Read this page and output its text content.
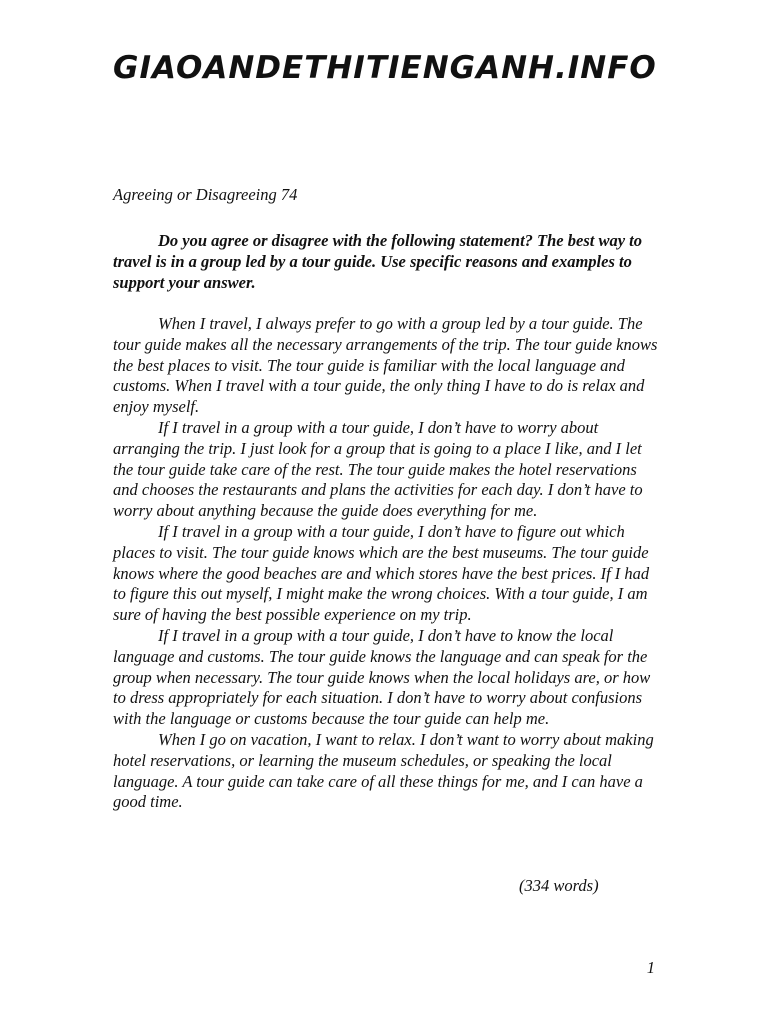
GIAOANDETHITIENGANH.INFO

Agreeing or Disagreeing 74

Do you agree or disagree with the following statement? The best way to travel is in a group led by a tour guide. Use specific reasons and examples to support your answer.

When I travel, I always prefer to go with a group led by a tour guide. The tour guide makes all the necessary arrangements of the trip. The tour guide knows the best places to visit. The tour guide is familiar with the local language and customs. When I travel with a tour guide, the only thing I have to do is relax and enjoy myself.

If I travel in a group with a tour guide, I don’t have to worry about arranging the trip. I just look for a group that is going to a place I like, and I let the tour guide take care of the rest. The tour guide makes the hotel reservations and chooses the restaurants and plans the activities for each day. I don’t have to worry about anything because the guide does everything for me.

If I travel in a group with a tour guide, I don’t have to figure out which places to visit. The tour guide knows which are the best museums. The tour guide knows where the good beaches are and which stores have the best prices. If I had to figure this out myself, I might make the wrong choices. With a tour guide, I am sure of having the best possible experience on my trip.

If I travel in a group with a tour guide, I don’t have to know the local language and customs. The tour guide knows the language and can speak for the group when necessary. The tour guide knows when the local holidays are, or how to dress appropriately for each situation. I don’t have to worry about confusions with the language or customs because the tour guide can help me.

When I go on vacation, I want to relax. I don’t want to worry about making hotel reservations, or learning the museum schedules, or speaking the local language. A tour guide can take care of all these things for me, and I can have a good time.

(334 words)

1
